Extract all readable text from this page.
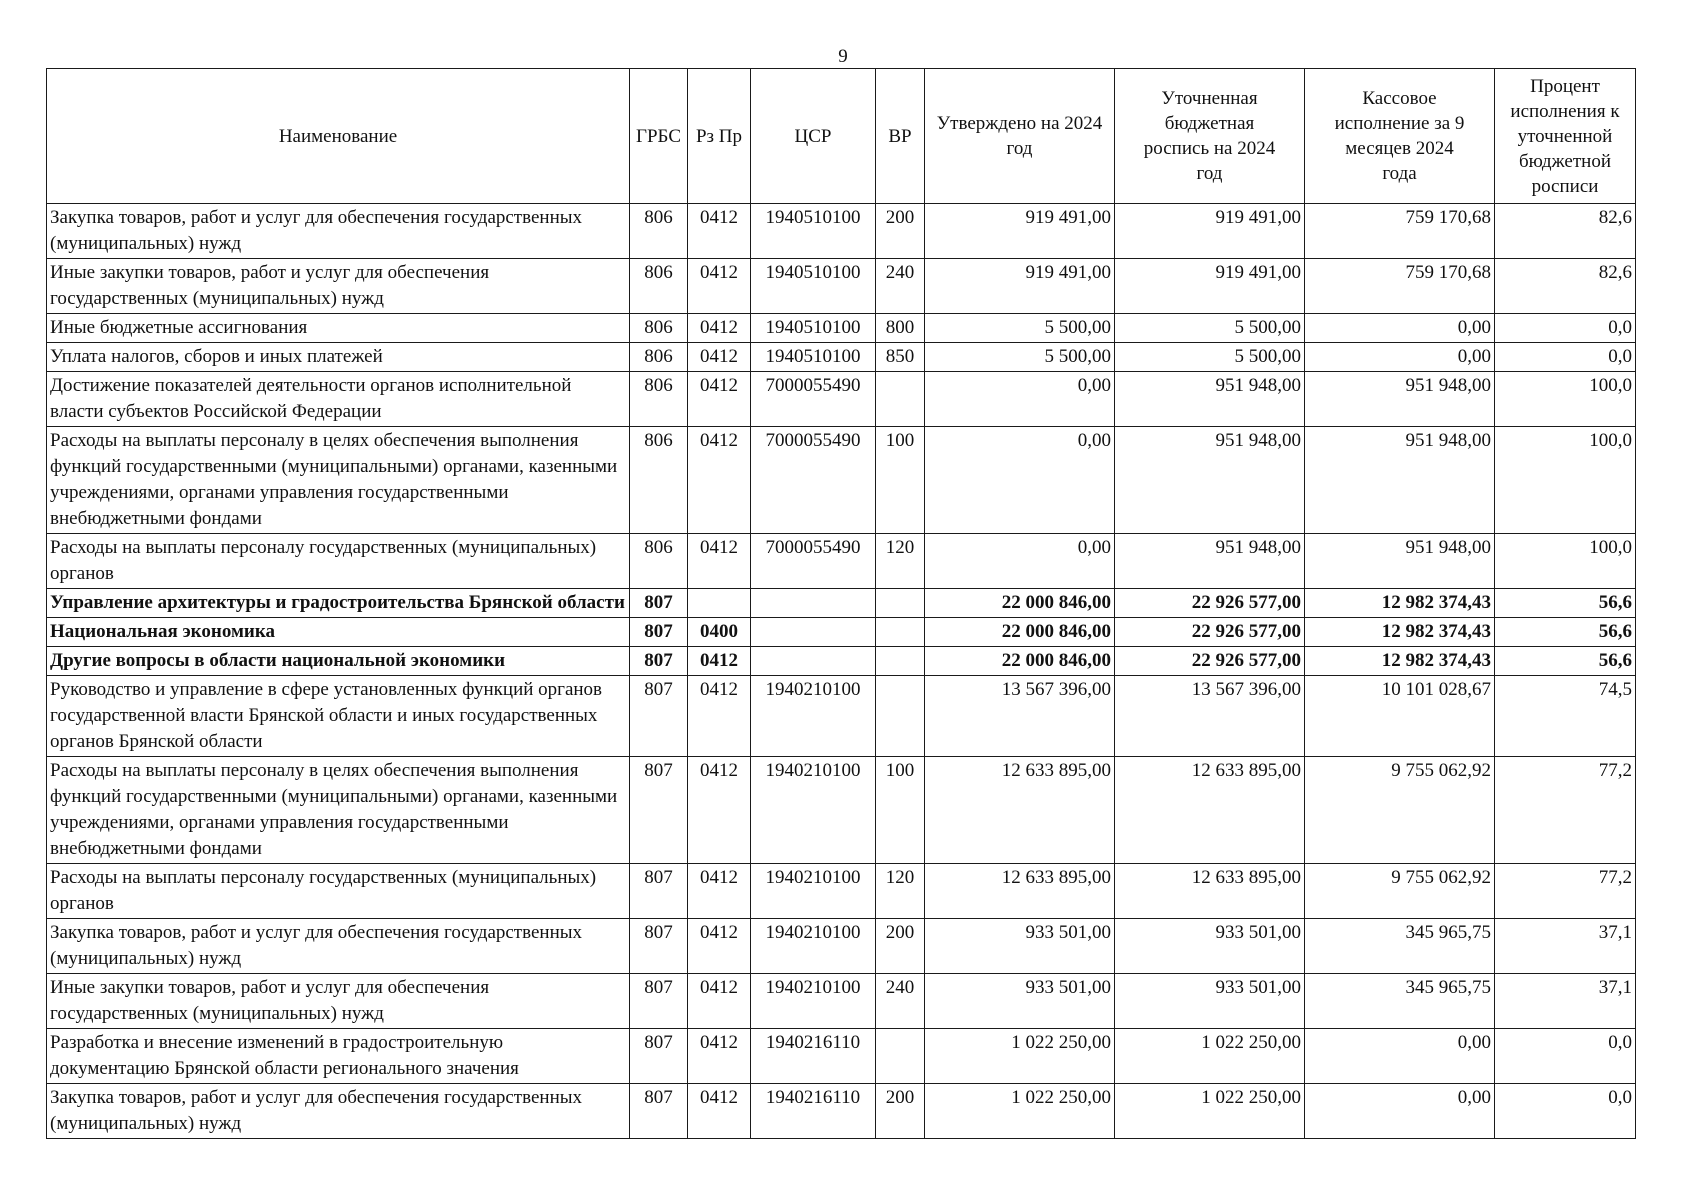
9
Наименование	ГРБС	Рз Пр	ЦСР	ВР	Утверждено на 2024 год	Уточненная бюджетная роспись на 2024 год	Кассовое исполнение за 9 месяцев 2024 года	Процент исполнения к уточненной бюджетной росписи
Закупка товаров, работ и услуг для обеспечения государственных (муниципальных) нужд	806	0412	1940510100	200	919 491,00	919 491,00	759 170,68	82,6
Иные закупки товаров, работ и услуг для обеспечения государственных (муниципальных) нужд	806	0412	1940510100	240	919 491,00	919 491,00	759 170,68	82,6
Иные бюджетные ассигнования	806	0412	1940510100	800	5 500,00	5 500,00	0,00	0,0
Уплата налогов, сборов и иных платежей	806	0412	1940510100	850	5 500,00	5 500,00	0,00	0,0
Достижение показателей деятельности органов исполнительной власти субъектов Российской Федерации	806	0412	7000055490		0,00	951 948,00	951 948,00	100,0
Расходы на выплаты персоналу в целях обеспечения выполнения функций государственными (муниципальными) органами, казенными учреждениями, органами управления государственными внебюджетными фондами	806	0412	7000055490	100	0,00	951 948,00	951 948,00	100,0
Расходы на выплаты персоналу государственных (муниципальных) органов	806	0412	7000055490	120	0,00	951 948,00	951 948,00	100,0
Управление архитектуры и градостроительства Брянской области	807				22 000 846,00	22 926 577,00	12 982 374,43	56,6
Национальная экономика	807	0400			22 000 846,00	22 926 577,00	12 982 374,43	56,6
Другие вопросы в области национальной экономики	807	0412			22 000 846,00	22 926 577,00	12 982 374,43	56,6
Руководство и управление в сфере установленных функций органов государственной власти Брянской области и иных государственных органов Брянской области	807	0412	1940210100		13 567 396,00	13 567 396,00	10 101 028,67	74,5
Расходы на выплаты персоналу в целях обеспечения выполнения функций государственными (муниципальными) органами, казенными учреждениями, органами управления государственными внебюджетными фондами	807	0412	1940210100	100	12 633 895,00	12 633 895,00	9 755 062,92	77,2
Расходы на выплаты персоналу государственных (муниципальных) органов	807	0412	1940210100	120	12 633 895,00	12 633 895,00	9 755 062,92	77,2
Закупка товаров, работ и услуг для обеспечения государственных (муниципальных) нужд	807	0412	1940210100	200	933 501,00	933 501,00	345 965,75	37,1
Иные закупки товаров, работ и услуг для обеспечения государственных (муниципальных) нужд	807	0412	1940210100	240	933 501,00	933 501,00	345 965,75	37,1
Разработка и внесение изменений в градостроительную документацию Брянской области регионального значения	807	0412	1940216110		1 022 250,00	1 022 250,00	0,00	0,0
Закупка товаров, работ и услуг для обеспечения государственных (муниципальных) нужд	807	0412	1940216110	200	1 022 250,00	1 022 250,00	0,00	0,0
